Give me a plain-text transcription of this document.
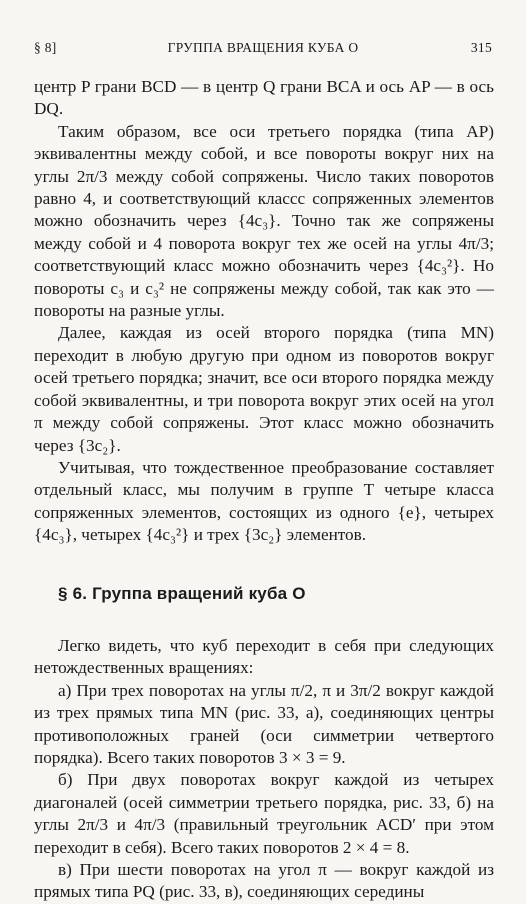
§ 8]	ГРУППА ВРАЩЕНИЯ КУБА O	315

центр P грани BCD — в центр Q грани BCA и ось AP — в ось DQ.

Таким образом, все оси третьего порядка (типа AP) эквивалентны между собой, и все повороты вокруг них на углы 2π/3 между собой сопряжены. Число таких поворотов равно 4, и соответствующий классс сопряженных элементов можно обозначить через {4c₃}. Точно так же сопряжены между собой и 4 поворота вокруг тех же осей на углы 4π/3; соответствующий класс можно обозначить через {4c₃²}. Но повороты c₃ и c₃² не сопряжены между собой, так как это — повороты на разные углы.

Далее, каждая из осей второго порядка (типа MN) переходит в любую другую при одном из поворотов вокруг осей третьего порядка; значит, все оси второго порядка между собой эквивалентны, и три поворота вокруг этих осей на угол π между собой сопряжены. Этот класс можно обозначить через {3c₂}.

Учитывая, что тождественное преобразование составляет отдельный класс, мы получим в группе T четыре класса сопряженных элементов, состоящих из одного {e}, четырех {4c₃}, четырех {4c₃²} и трех {3c₂} элементов.

§ 6. Группа вращений куба O

Легко видеть, что куб переходит в себя при следующих нетождественных вращениях:

а) При трех поворотах на углы π/2, π и 3π/2 вокруг каждой из трех прямых типа MN (рис. 33, а), соединяющих центры противоположных граней (оси симметрии четвертого порядка). Всего таких поворотов 3 × 3 = 9.

б) При двух поворотах вокруг каждой из четырех диагоналей (осей симметрии третьего порядка, рис. 33, б) на углы 2π/3 и 4π/3 (правильный треугольник ACD′ при этом переходит в себя). Всего таких поворотов 2 × 4 = 8.

в) При шести поворотах на угол π — вокруг каждой из прямых типа PQ (рис. 33, в), соединяющих середины
